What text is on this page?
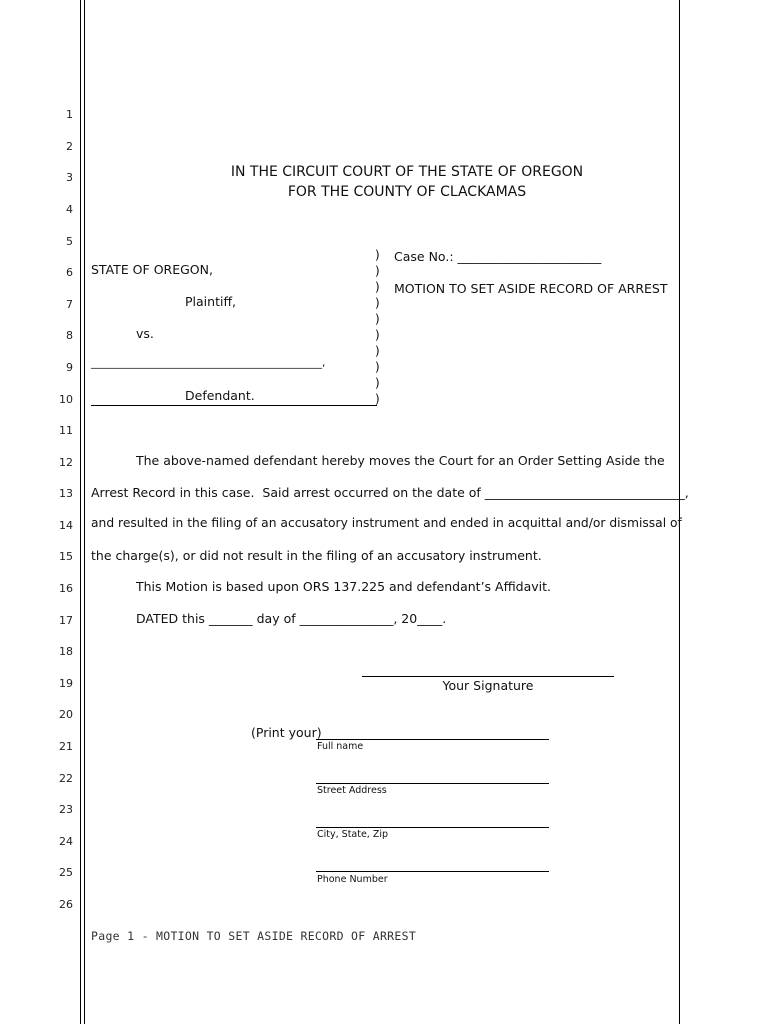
1
2
3
4
5
6
7
8
9
10
11
12
13
14
15
16
17
18
19
20
21
22
23
24
25
26
IN THE CIRCUIT COURT OF THE STATE OF OREGON
FOR THE COUNTY OF CLACKAMAS
STATE OF OREGON,
Plaintiff,
vs.
____________________________________________,
Defendant.
)
)
)
)
)
)
)
)
)
)
Case No.: _______________________
MOTION TO SET ASIDE RECORD OF ARREST
The above-named defendant hereby moves the Court for an Order Setting Aside the
Arrest Record in this case.  Said arrest occurred on the date of ________________________________,
and resulted in the filing of an accusatory instrument and ended in acquittal and/or dismissal of
the charge(s), or did not result in the filing of an accusatory instrument.
This Motion is based upon ORS 137.225 and defendant’s Affidavit.
DATED this _______ day of _______________, 20____.
Your Signature
(Print your)
Full name
Street Address
City, State, Zip
Phone Number
Page 1 - MOTION TO SET ASIDE RECORD OF ARREST
